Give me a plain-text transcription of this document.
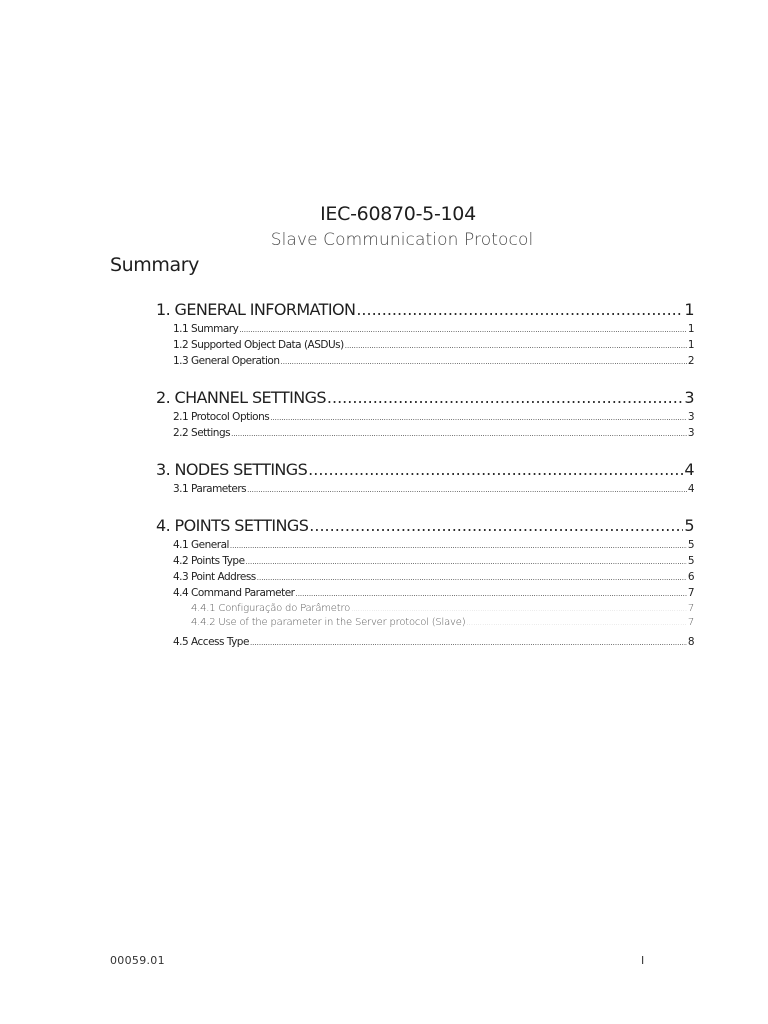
IEC-60870-5-104
Slave Communication Protocol
Summary
1. GENERAL INFORMATION .....	1
1.1 Summary .....	1
1.2 Supported Object Data (ASDUs) .....	1
1.3 General Operation .....	2
2. CHANNEL SETTINGS .....	3
2.1 Protocol Options .....	3
2.2 Settings .....	3
3. NODES SETTINGS .....	4
3.1 Parameters .....	4
4. POINTS SETTINGS .....	5
4.1 General .....	5
4.2 Points Type .....	5
4.3 Point Address .....	6
4.4 Command Parameter .....	7
4.4.1 Configuração do Parâmetro .....	7
4.4.2 Use of the parameter in the Server protocol (Slave) .....	7
4.5 Access Type .....	8
00059.01	I
